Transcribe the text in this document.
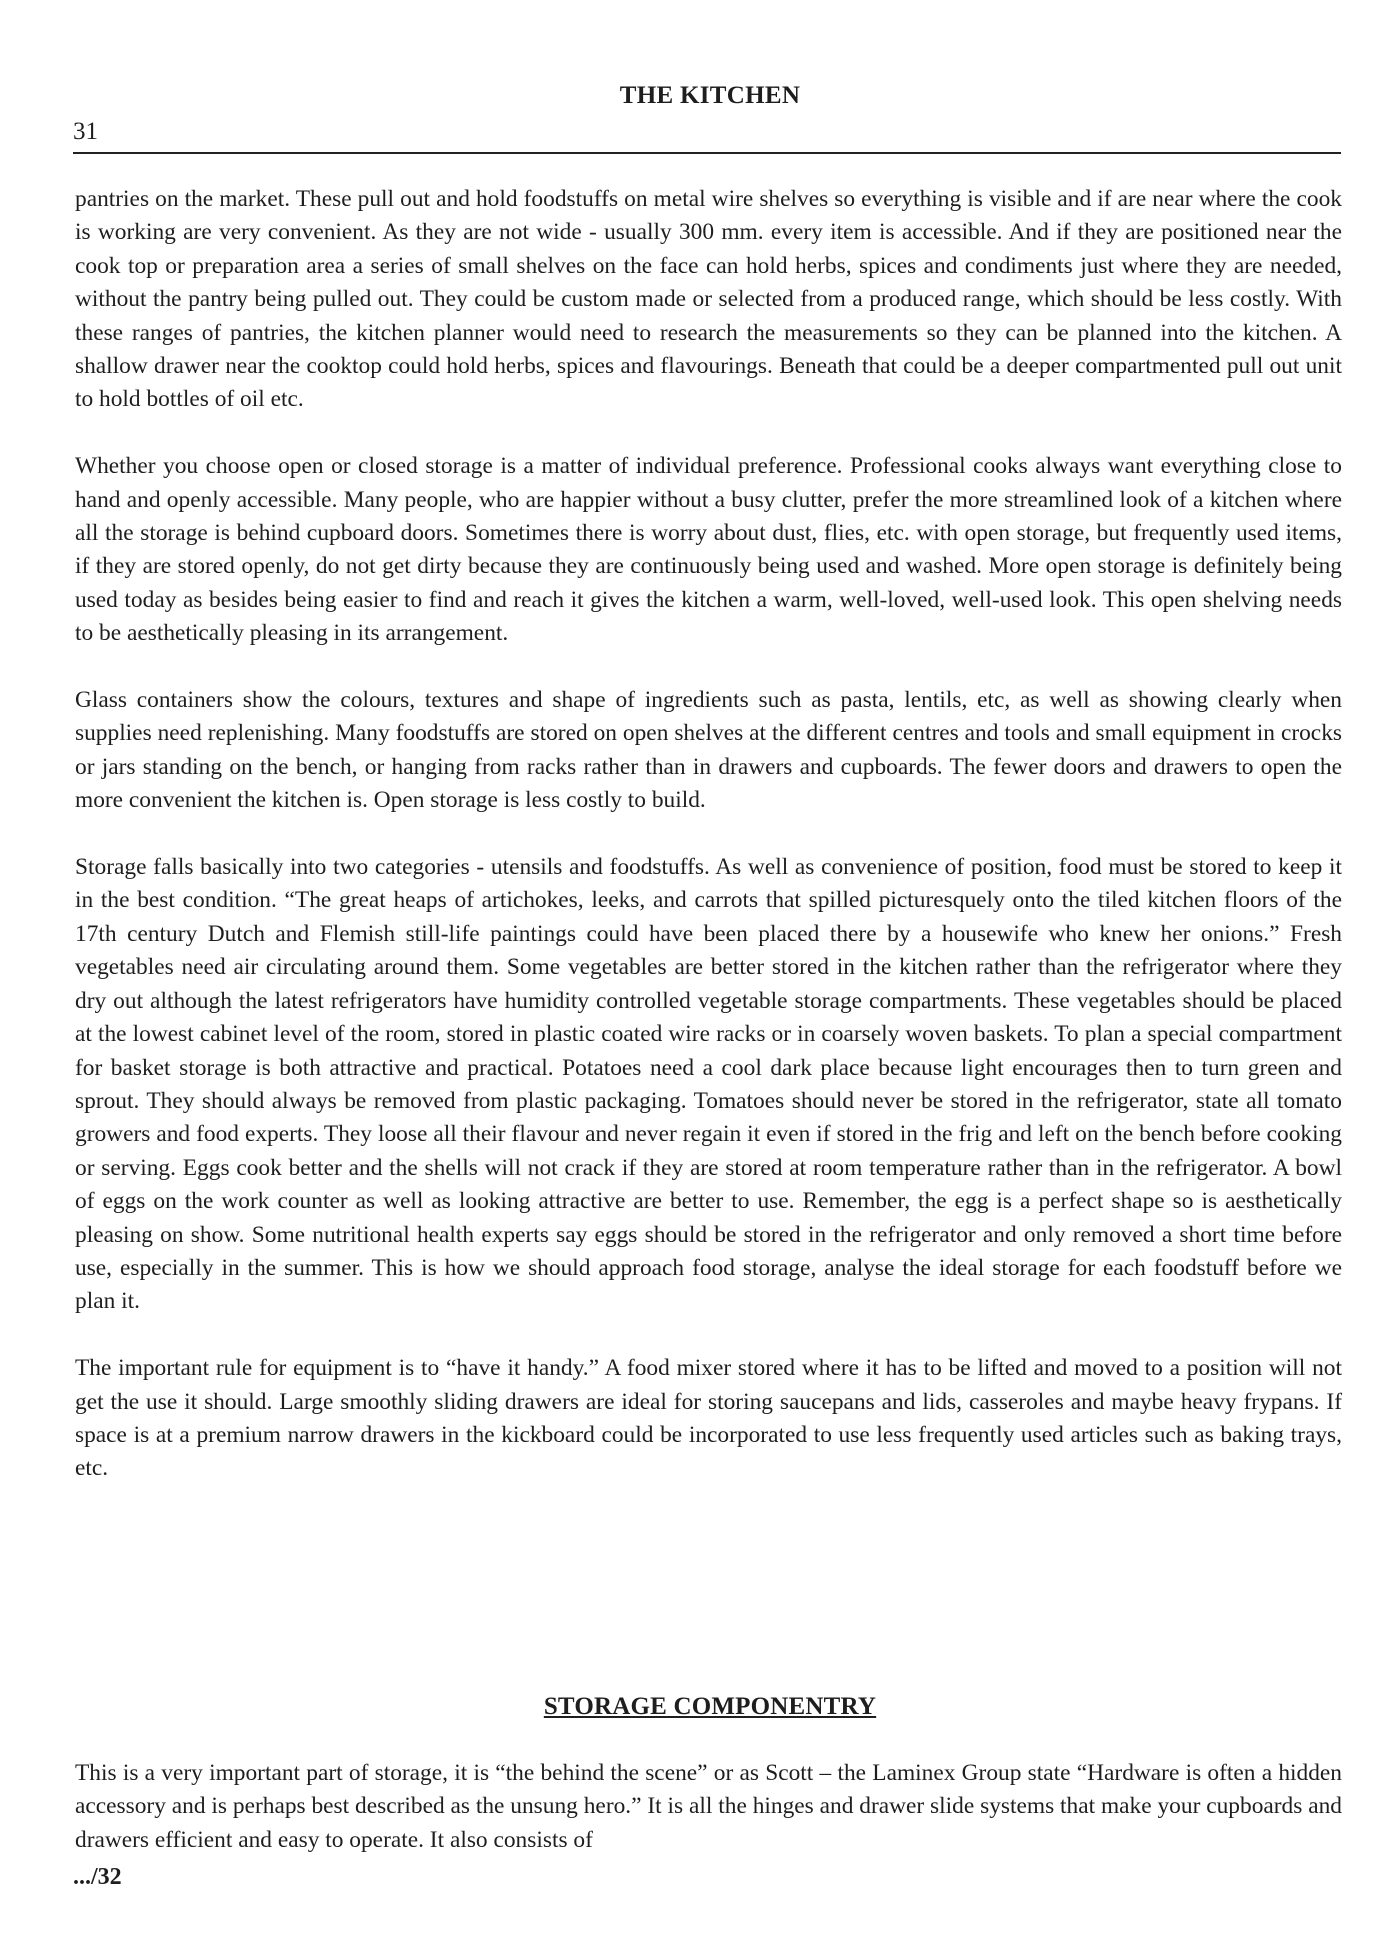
THE KITCHEN
31

pantries on the market. These pull out and hold foodstuffs on metal wire shelves so everything is visible and if are near where the cook is working are very convenient. As they are not wide - usually 300 mm. every item is accessible. And if they are positioned near the cook top or preparation area a series of small shelves on the face can hold herbs, spices and condiments just where they are needed, without the pantry being pulled out. They could be custom made or selected from a produced range, which should be less costly. With these ranges of pantries, the kitchen planner would need to research the measurements so they can be planned into the kitchen. A shallow drawer near the cooktop could hold herbs, spices and flavourings. Beneath that could be a deeper compartmented pull out unit to hold bottles of oil etc.

Whether you choose open or closed storage is a matter of individual preference. Professional cooks always want everything close to hand and openly accessible. Many people, who are happier without a busy clutter, prefer the more streamlined look of a kitchen where all the storage is behind cupboard doors. Sometimes there is worry about dust, flies, etc. with open storage, but frequently used items, if they are stored openly, do not get dirty because they are continuously being used and washed. More open storage is definitely being used today as besides being easier to find and reach it gives the kitchen a warm, well-loved, well-used look. This open shelving needs to be aesthetically pleasing in its arrangement.

Glass containers show the colours, textures and shape of ingredients such as pasta, lentils, etc, as well as showing clearly when supplies need replenishing. Many foodstuffs are stored on open shelves at the different centres and tools and small equipment in crocks or jars standing on the bench, or hanging from racks rather than in drawers and cupboards. The fewer doors and drawers to open the more convenient the kitchen is. Open storage is less costly to build.

Storage falls basically into two categories - utensils and foodstuffs. As well as convenience of position, food must be stored to keep it in the best condition. “The great heaps of artichokes, leeks, and carrots that spilled picturesquely onto the tiled kitchen floors of the 17th century Dutch and Flemish still-life paintings could have been placed there by a housewife who knew her onions.” Fresh vegetables need air circulating around them. Some vegetables are better stored in the kitchen rather than the refrigerator where they dry out although the latest refrigerators have humidity controlled vegetable storage compartments. These vegetables should be placed at the lowest cabinet level of the room, stored in plastic coated wire racks or in coarsely woven baskets. To plan a special compartment for basket storage is both attractive and practical. Potatoes need a cool dark place because light encourages then to turn green and sprout. They should always be removed from plastic packaging. Tomatoes should never be stored in the refrigerator, state all tomato growers and food experts. They loose all their flavour and never regain it even if stored in the frig and left on the bench before cooking or serving. Eggs cook better and the shells will not crack if they are stored at room temperature rather than in the refrigerator. A bowl of eggs on the work counter as well as looking attractive are better to use. Remember, the egg is a perfect shape so is aesthetically pleasing on show. Some nutritional health experts say eggs should be stored in the refrigerator and only removed a short time before use, especially in the summer. This is how we should approach food storage, analyse the ideal storage for each foodstuff before we plan it.

The important rule for equipment is to “have it handy.” A food mixer stored where it has to be lifted and moved to a position will not get the use it should. Large smoothly sliding drawers are ideal for storing saucepans and lids, casseroles and maybe heavy frypans. If space is at a premium narrow drawers in the kickboard could be incorporated to use less frequently used articles such as baking trays, etc.

STORAGE COMPONENTRY

This is a very important part of storage, it is “the behind the scene” or as Scott – the Laminex Group state “Hardware is often a hidden accessory and is perhaps best described as the unsung hero.” It is all the hinges and drawer slide systems that make your cupboards and drawers efficient and easy to operate. It also consists of

.../32
